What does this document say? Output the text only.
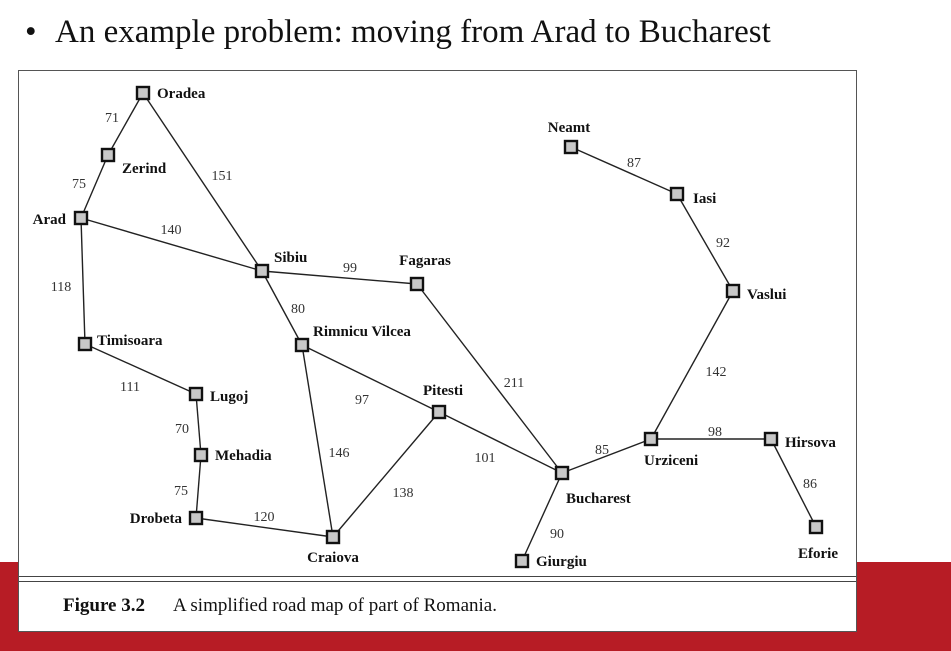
• An example problem: moving from Arad to Bucharest
71
75
151
140
118
111
70
75
120
99
80
97
146
138
211
101
90
85
98
86
142
92
87
Oradea
Zerind
Arad
Timisoara
Lugoj
Mehadia
Drobeta
Craiova
Sibiu
Rimnicu Vilcea
Fagaras
Pitesti
Bucharest
Giurgiu
Urziceni
Hirsova
Eforie
Vaslui
Iasi
Neamt
Figure 3.2 A simplified road map of part of Romania.
